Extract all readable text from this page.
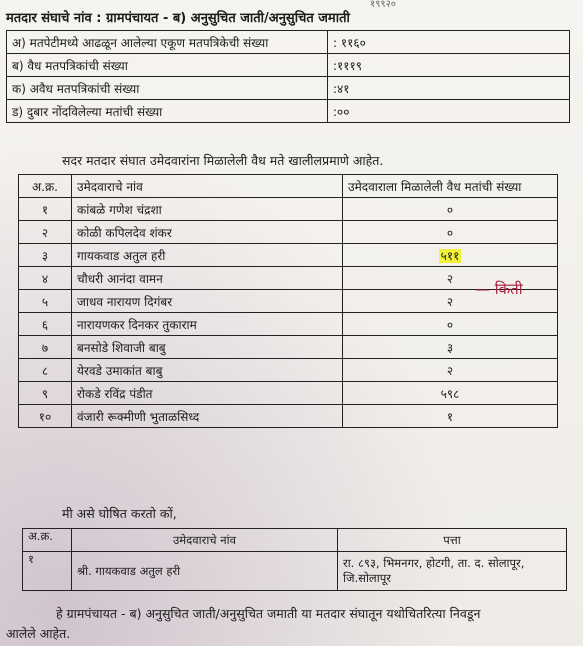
१९९२०
मतदार संघाचे नांव : ग्रामपंचायत - ब) अनुसुचित जाती/अनुसुचित जमाती
अ) मतपेटीमध्ये आढळून आलेल्या एकूण मतपत्रिकेची संख्या	: ११६०
ब) वैध मतपत्रिकांची संख्या	:१११९
क) अवैध मतपत्रिकांची संख्या	:४१
ड) दुबार नोंदविलेल्या मतांची संख्या	:००
सदर मतदार संघात उमेदवारांना मिळालेली वैध मते खालीलप्रमाणे आहेत.
अ.क्र.	उमेदवाराचे नांव	उमेदवाराला मिळालेली वैध मतांची संख्या
१	कांबळे गणेश चंद्रशा	०
२	कोळी कपिलदेव शंकर	०
३	गायकवाड अतुल हरी	५११
४	चौधरी आनंदा वामन	२
५	जाधव नारायण दिगंबर	२
६	नारायणकर दिनकर तुकाराम	०
७	बनसोडे शिवाजी बाबु	३
८	येरवडे उमाकांत बाबु	२
९	रोकडे रविंद्र पंडीत	५९८
१०	वंजारी रूक्मीणी भुताळसिध्द	१
— किती
मी असे घोषित करतो कों,
अ.क्र.	उमेदवाराचे नांव	पत्ता
१	श्री. गायकवाड अतुल हरी	रा. ८९३, भिमनगर, होटगी, ता. द. सोलापूर,
जि.सोलापूर
हे ग्रामपंचायत - ब) अनुसुचित जाती/अनुसुचित जमाती या मतदार संघातून यथोचितरित्या निवडून
आलेले आहेत.
